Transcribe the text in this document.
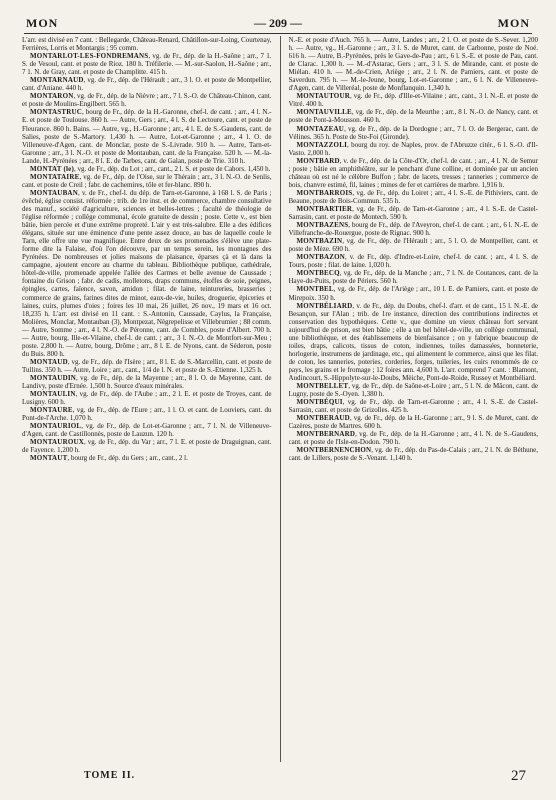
MON	— 209 —	MON

L'arr. est divisé en 7 cant. : Bellegarde, Château-Renard, Châtillon-sur-Loing, Courtenay, Ferrières, Lorris et Montargis ; 95 comm.

MONTARLOT-LES-FONDREMANS, vg. de Fr., dép. de la H.-Saône ; arr., 7 1. S. de Vesoul, cant. et poste de Rioz. 180 h. Tréfilerie. — M.-sur-Saolon, H.-Saône ; arr., 7 1. N. de Gray, cant. et poste de Champlitte. 415 h.

MONTARNAUD, vg. de Fr., dép. de l'Hérault ; arr., 3 l. O. et poste de Montpellier, cant. d'Aniane. 440 h.

MONTARON, vg. de Fr., dép. de la Nièvre ; arr., 7 l. S.-O. de Château-Chinon, cant. et poste de Moulins-Engilbert. 565 h.

MONTASTRUC, bourg de Fr., dép. de la H.-Garonne, chef-l. de cant. ; arr., 4 l. N.-E. et poste de Toulouse. 860 h. — Autre, Gers ; arr., 4 l. S. de Lectoure, cant. et poste de Fleurance. 860 h. Bains. — Autre, vg., H.-Garonne ; arr., 4 l. E. de S.-Gaudens, cant. de Salies, poste de S.-Martory. 1,430 h. — Autre, Lot-et-Garonne ; arr., 4 l. O. de Villeneuve-d'Agen, cant. de Monclar, poste de S.-Livrade. 910 h. — Autre, Tarn-et-Garonne ; arr., 3 l. N.-O. et poste de Montauban, cant. de la Française. 520 h. — M.-la-Lande, H.-Pyrénées ; arr., 8 l. E. de Tarbes, cant. de Galan, poste de Trie. 310 h.

MONTAT (le), vg. de Fr., dép. du Lot ; arr., cant., 2 l. S. et poste de Cahors. 1,450 h.

MONTATAIRE, vg. de Fr., dép. de l'Oise, sur le Thérain ; arr., 3 l. N.-O. de Senlis, cant. et poste de Creil ; fabr. de cachemires, tôle et fer-blanc. 890 h.

MONTAUBAN, v. de Fr., chef-l. du dép. de Tarn-et-Garonne, à 168 l. S. de Paris ; évêché, église consist. réformée ; trib. de 1re inst. et de commerce, chambre consultative des manuf., société d'agriculture, sciences et belles-lettres ; faculté de théologie de l'église réformée ; collège communal, école gratuite de dessin ; poste. Cette v., est bien bâtie, bien percée et d'une extrême propreté. L'air y est très-salubre. Elle a des édifices élégans, située sur une éminence d'une pente assez douce, au bas de laquelle coule le Tarn, elle offre une vue magnifique. Entre deux de ses promenades s'élève une plate-forme dite la Falaise, d'où l'on découvre, par un temps serein, les montagnes des Pyrénées. De nombreuses et jolies maisons de plaisance, éparses çà et là dans la campagne, ajoutent encore au charme du tableau. Bibliothèque publique, cathédrale, hôtel-de-ville, promenade appelée l'allée des Carmes et belle avenue de Caussade ; fontaine du Grison ; fabr. de cadis, molletons, draps communs, étoffes de soie, peignes, épingles, cartes, faïence, savon, amidon ; filat. de laine, teintureries, brasseries ; commerce de grains, farines dites de minot, eaux-de-vie, huiles, droguerie, épiceries et laines, cuirs, plumes d'oies ; foires les 10 mai, 26 juillet, 26 nov., 19 mars et 16 oct. 18,235 h. L'arr. est divisé en 11 cant. : S.-Antonin, Caussade, Caylus, la Française, Molières, Monclar, Montauban (3), Montpezat, Nègrepelisse et Villebrumier ; 88 comm. — Autre, Somme ; arr., 4 l. N.-O. de Péronne, cant. de Combles, poste d'Albert. 700 h. — Autre, bourg, Ille-et-Vilaine, chef-l. de cant. ; arr., 3 l. N.-O. de Montfort-sur-Meu ; poste. 2,800 h. — Autre, bourg, Drôme ; arr., 8 l. E. de Nyons, cant. de Séderon, poste du Buis. 800 h.

MONTAUD, vg. de Fr., dép. de l'Isère ; arr., 8 l. E. de S.-Marcellin, cant. et poste de Tullins. 350 h. — Autre, Loire ; arr., cant., 1/4 de l. N. et poste de S.-Etienne. 1,325 h.

MONTAUDIN, vg. de Fr., dép. de la Mayenne ; arr., 8 l. O. de Mayenne, cant. de Landivy, poste d'Ernée. 1,500 h. Source d'eaux minérales.

MONTAULIN, vg. de Fr., dép. de l'Aube ; arr., 2 l. E. et poste de Troyes, cant. de Lusigny. 600 h.

MONTAURE, vg. de Fr., dép. de l'Eure ; arr., 1 l. O. et cant. de Louviers, cant. du Pont-de-l'Arche. 1,070 h.

MONTAURIOL, vg. de Fr., dép. de Lot-et-Garonne ; arr., 7 l. N. de Villeneuve-d'Agen, cant. de Castillonnès, poste de Lauzun. 120 h.

MONTAUROUX, vg. de Fr., dép. du Var ; arr., 7 l. E. et poste de Draguignan, cant. de Fayence. 1,200 h.

MONTAUT, bourg de Fr., dép. du Gers ; arr., cant., 2 l.

N.-E. et poste d'Auch. 765 h. — Autre, Landes ; arr., 2 l. O. et poste de S.-Sever. 1,200 h. — Autre, vg., H.-Garonne ; arr., 3 l. S. de Muret, cant. de Carbonne, poste de Noé. 616 h. — Autre, B.-Pyrénées, près le Gave-de-Pau ; arr., 6 l. S.-E. et poste de Pau, cant. de Clarac. 1,300 h. — M.-d'Astarac, Gers ; arr., 3 l. S. de Mirande, cant. et poste de Miélan. 410 h. — M.-de-Crien, Ariège ; arr., 2 l. N. de Pamiers, cant. et poste de Saverdun. 795 h. — M.-le-Jeune, bourg, Lot-et-Garonne ; arr., 6 l. N. de Villeneuve-d'Agen, cant. de Villeréal, poste de Monflanquin. 1,340 h.

MONTAUTOUR, vg. de Fr., dép. d'Ille-et-Vilaine ; arr., cant., 3 l. N.-E. et poste de Vitré. 400 h.

MONTAUVILLE, vg. de Fr., dép. de la Meurthe ; arr., 8 l. N.-O. de Nancy, cant. et poste de Pont-à-Mousson. 460 h.

MONTAZEAU, vg. de Fr., dép. de la Dordogne ; arr., 7 l. O. de Bergerac, cant. de Vélines. 365 h. Poste de Ste-Foi (Gironde).

MONTAZZOLI, bourg du roy. de Naples, prov. de l'Abruzze citér., 6 l. S.-O. d'Il-Vasto. 2,000 h.

MONTBARD, v. de Fr., dép. de la Côte-d'Or, chef-l. de cant. ; arr., 4 l. N. de Semur ; poste ; bâtie en amphithéâtre, sur le penchant d'une colline, et dominée par un ancien château où est né le célèbre Buffon ; fabr. de lacets, tresses ; tanneries ; commerce de bois, chanvre estimé, fil, laines ; mines de fer et carrières de marbre. 1,916 h.

MONTBARROIS, vg. de Fr., dép. du Loiret ; arr., 4 l. S.-E. de Pithiviers, cant. de Beaune, poste de Bois-Commun. 535 h.

MONTBARTIER, vg. de Fr., dép. de Tarn-et-Garonne ; arr., 4 l. S.-E. de Castel-Sarrasin, cant. et poste de Montech. 590 h.

MONTBAZENS, bourg de Fr., dép. de l'Aveyron, chef-l. de cant. ; arr., 6 l. N.-E. de Villefranche-de-Rouergue, poste de Rignac. 900 h.

MONTBAZIN, vg. de Fr., dép. de l'Hérault ; arr., 5 l. O. de Montpellier, cant. et poste de Mèze. 690 h.

MONTBAZON, v. de Fr., dép. d'Indre-et-Loire, chef-l. de cant. ; arr., 4 l. S. de Tours, poste ; filat. de laine. 1,020 h.

MONTBECQ, vg. de Fr., dép. de la Manche ; arr., 7 l. N. de Coutances, cant. de la Haye-du-Puits, poste de Périers. 560 h.

MONTBEL, vg. de Fr., dép. de l'Ariège ; arr., 10 l. E. de Pamiers, cant. et poste de Mirepoix. 350 h.

MONTBÉLIARD, v. de Fr., dép. du Doubs, chef-l. d'arr. et de cant., 15 l. N.-E. de Besançon, sur l'Alan ; trib. de 1re instance, direction des contributions indirectes et conservation des hypothèques. Cette v., que domine un vieux château fort servant aujourd'hui de prison, est bien bâtie ; elle a un bel hôtel-de-ville, un collège communal, une bibliothèque, et des établissemens de bienfaisance ; on y fabrique beaucoup de toiles, draps, calicots, tissus de coton, indiennes, toiles damassées, bonneterie, horlogerie, instrumens de jardinage, etc., qui alimentent le commerce, ainsi que les filat. de coton, les tanneries, poteries, corderies, forges, tuileries, les cuirs renommés de ce pays, les grains et le fromage ; 12 foires ann. 4,600 h. L'arr. comprend 7 cant. : Blamont, Audincourt, S.-Hippolyte-sur-le-Doubs, Mèiche, Pont-de-Roide, Russey et Montbéliard.

MONTBELLET, vg. de Fr., dép. de Saône-et-Loire ; arr., 5 l. N. de Mâcon, cant. de Lugny, poste de S.-Oyen. 1,380 h.

MONTBÉQUI, vg. de Fr., dép. de Tarn-et-Garonne ; arr., 4 l. S.-E. de Castel-Sarrasin, cant. et poste de Grizolles. 425 h.

MONTBERAUD, vg. de Fr., dép. de la H.-Garonne ; arr., 9 l. S. de Muret, cant. de Cazères, poste de Martres. 600 h.

MONTBERNARD, vg. de Fr., dép. de la H.-Garonne ; arr., 4 l. N. de S.-Gaudens, cant. et poste de l'Isle-en-Dodon. 790 h.

MONTBERNENCHON, vg. de Fr., dép. du Pas-de-Calais ; arr., 2 l. N. de Béthune, cant. de Lillers, poste de S.-Venant. 1,140 h.

TOME II.	27
